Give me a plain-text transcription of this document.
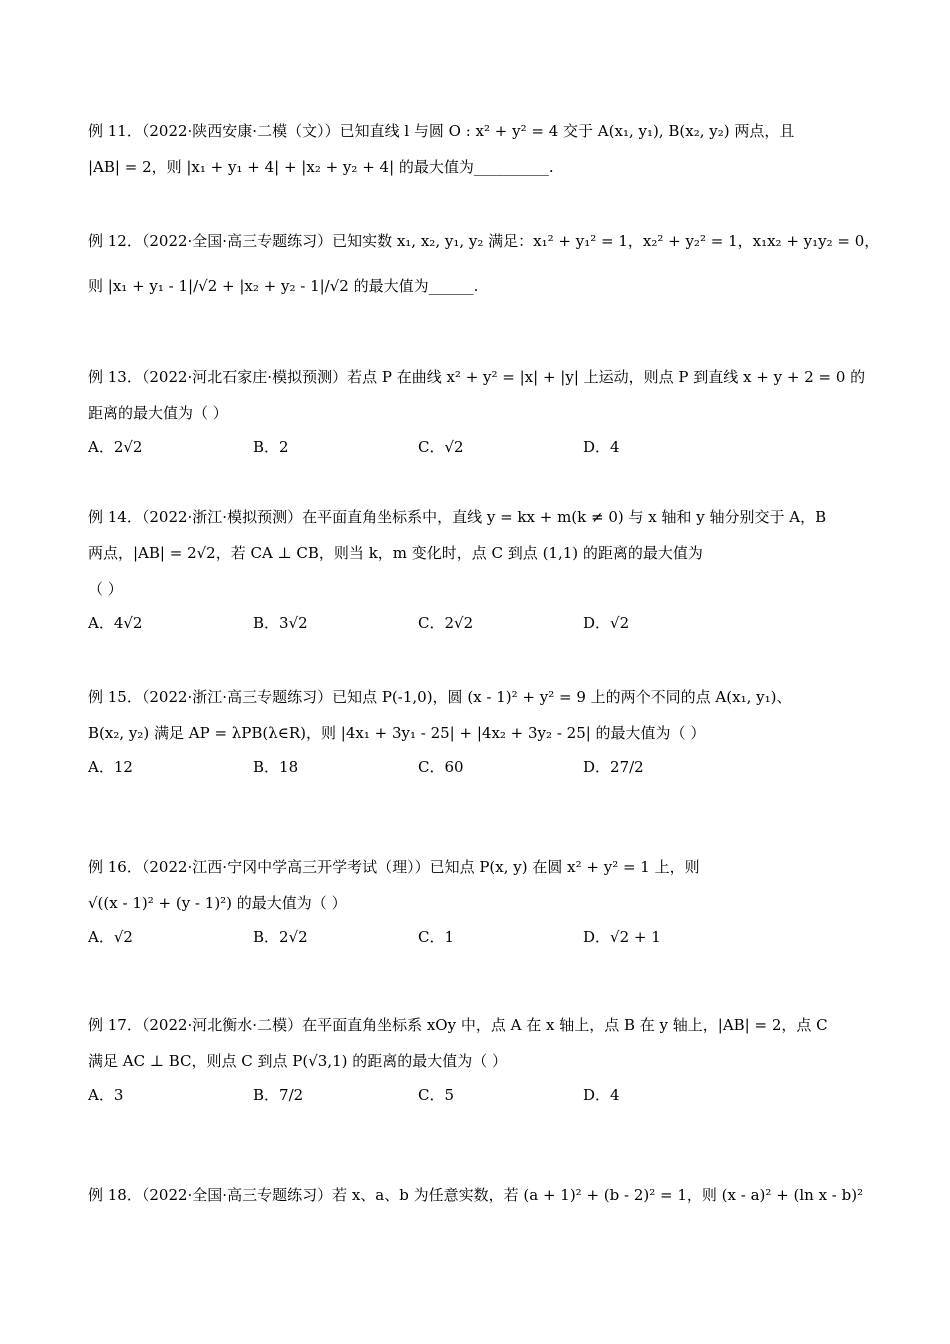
例 11．（2022·陕西安康·二模（文））已知直线 l 与圆 O : x² + y² = 4 交于 A(x₁, y₁), B(x₂, y₂) 两点，且
|AB| = 2，则 |x₁ + y₁ + 4| + |x₂ + y₂ + 4| 的最大值为__________.
例 12．（2022·全国·高三专题练习）已知实数 x₁, x₂, y₁, y₂ 满足：x₁² + y₁² = 1，x₂² + y₂² = 1，x₁x₂ + y₁y₂ = 0，
则 |x₁ + y₁ - 1|/√2 + |x₂ + y₂ - 1|/√2 的最大值为______.
例 13．（2022·河北石家庄·模拟预测）若点 P 在曲线 x² + y² = |x| + |y| 上运动，则点 P 到直线 x + y + 2 = 0 的
距离的最大值为（ ）
A．2√2	B．2	C．√2	D．4
例 14．（2022·浙江·模拟预测）在平面直角坐标系中，直线 y = kx + m(k ≠ 0) 与 x 轴和 y 轴分别交于 A，B
两点，|AB| = 2√2，若 CA ⊥ CB，则当 k，m 变化时，点 C 到点 (1,1) 的距离的最大值为
（ ）
A．4√2	B．3√2	C．2√2	D．√2
例 15．（2022·浙江·高三专题练习）已知点 P(-1,0)，圆 (x - 1)² + y² = 9 上的两个不同的点 A(x₁, y₁)、
B(x₂, y₂) 满足 AP = λPB(λ∈R)，则 |4x₁ + 3y₁ - 25| + |4x₂ + 3y₂ - 25| 的最大值为（ ）
A．12	B．18	C．60	D．27/2
例 16．（2022·江西·宁冈中学高三开学考试（理））已知点 P(x, y) 在圆 x² + y² = 1 上，则
√((x - 1)² + (y - 1)²) 的最大值为（ ）
A．√2	B．2√2	C．1	D．√2 + 1
例 17．（2022·河北衡水·二模）在平面直角坐标系 xOy 中，点 A 在 x 轴上，点 B 在 y 轴上，|AB| = 2，点 C
满足 AC ⊥ BC，则点 C 到点 P(√3,1) 的距离的最大值为（ ）
A．3	B．7/2	C．5	D．4
例 18．（2022·全国·高三专题练习）若 x、a、b 为任意实数，若 (a + 1)² + (b - 2)² = 1，则 (x - a)² + (ln x - b)²
